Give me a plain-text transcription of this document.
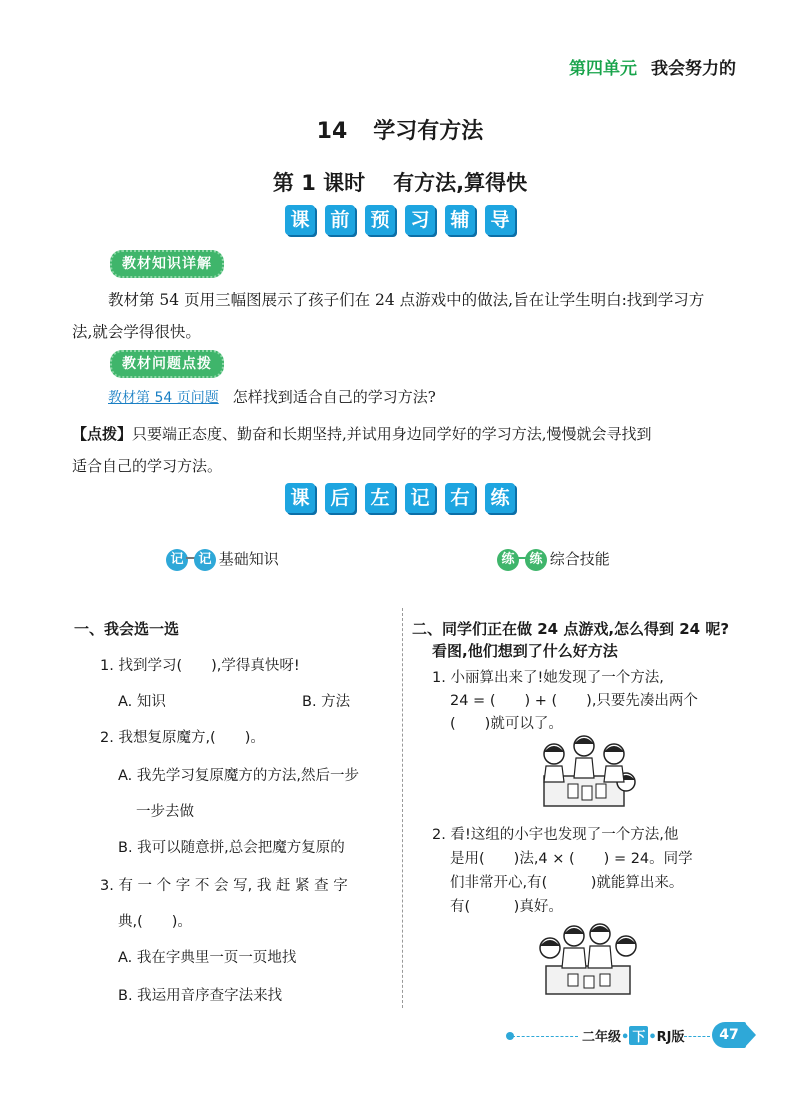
第四单元 我会努力的
14 学习有方法
第 1 课时 有方法,算得快
课 前 预 习 辅 导
教材知识详解
教材第 54 页用三幅图展示了孩子们在 24 点游戏中的做法,旨在让学生明白:找到学习方
法,就会学得很快。
教材问题点拨
教材第 54 页问题 怎样找到适合自己的学习方法?
【点拨】只要端正态度、勤奋和长期坚持,并试用身边同学好的学习方法,慢慢就会寻找到
适合自己的学习方法。
课 后 左 记 右 练
记 记 基础知识	练 练 综合技能
一、我会选一选
1. 找到学习(　　),学得真快呀!
A. 知识	B. 方法
2. 我想复原魔方,(　　)。
A. 我先学习复原魔方的方法,然后一步
一步去做
B. 我可以随意拼,总会把魔方复原的
3. 有 一 个 字 不 会 写, 我 赶 紧 查 字
典,(　　)。
A. 我在字典里一页一页地找
B. 我运用音序查字法来找
二、同学们正在做 24 点游戏,怎么得到 24 呢?
看图,他们想到了什么好方法
1. 小丽算出来了!她发现了一个方法,
24 = (　　) + (　　),只要先凑出两个
(　　)就可以了。
2. 看!这组的小宇也发现了一个方法,他
是用(　　)法,4 × (　　) = 24。同学
们非常开心,有(　　　)就能算出来。
有(　　　)真好。
二年级• 下 •RJ版	47
